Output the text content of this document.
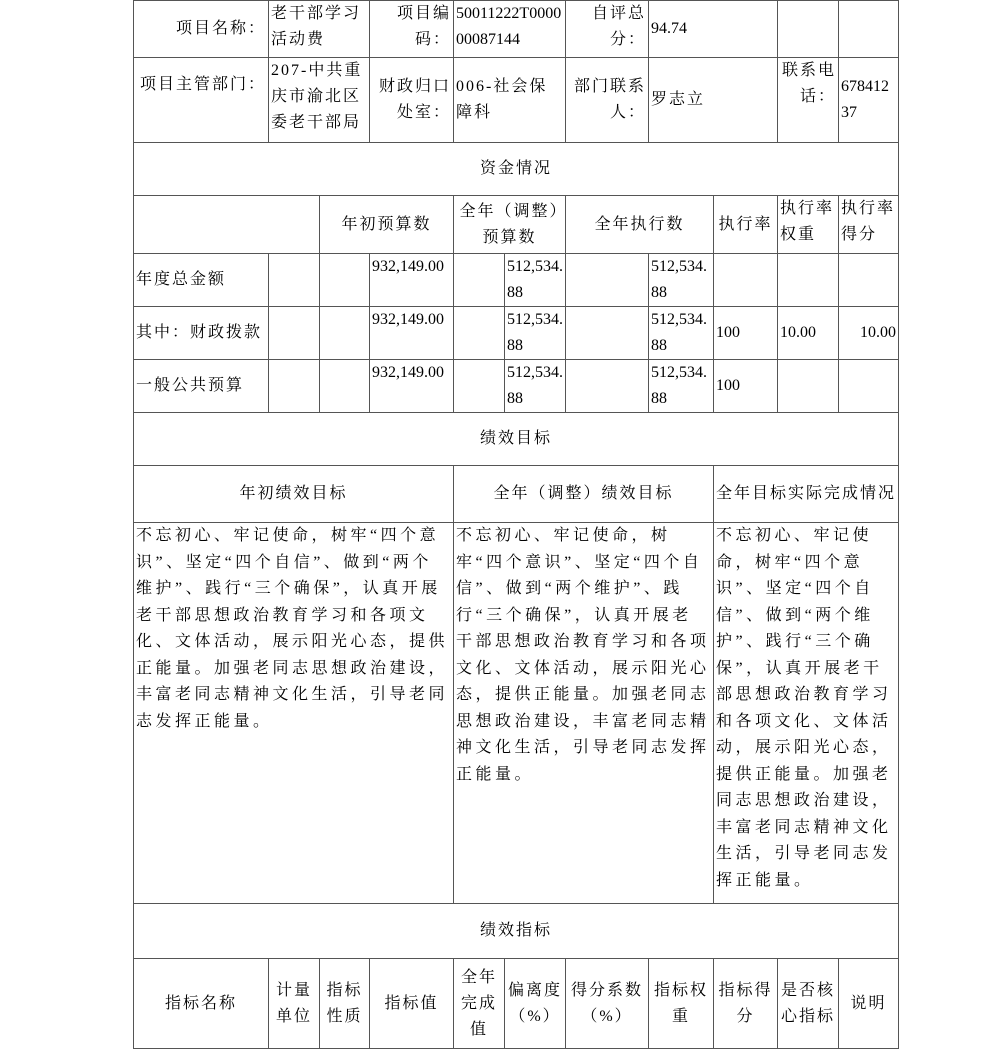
项目名称：	老干部学习活动费		项目编码：	50011222T000000087144		自评总分：	94.74			
项目主管部门：	207-中共重庆市渝北区委老干部局		财政归口处室：	006-社会保障科		部门联系人：	罗志立		联系电话：	67841237
资金情况										
		年初预算数		全年（调整）预算数		全年执行数		执行率	执行率权重	执行率得分
年度总金额			932,149.00		512,534.88		512,534.88			
其中：财政拨款			932,149.00		512,534.88		512,534.88	100	10.00	10.00
一般公共预算			932,149.00		512,534.88		512,534.88	100		
绩效目标										
年初绩效目标				全年（调整）绩效目标				全年目标实际完成情况		
不忘初心、牢记使命，树牢“四个意识”、坚定“四个自信”、做到“两个维护”、践行“三个确保”，认真开展老干部思想政治教育学习和各项文化、文体活动，展示阳光心态，提供正能量。加强老同志思想政治建设，丰富老同志精神文化生活，引导老同志发挥正能量。				不忘初心、牢记使命，树牢“四个意识”、坚定“四个自信”、做到“两个维护”、践行“三个确保”，认真开展老干部思想政治教育学习和各项文化、文体活动，展示阳光心态，提供正能量。加强老同志思想政治建设，丰富老同志精神文化生活，引导老同志发挥正能量。				不忘初心、牢记使命，树牢“四个意识”、坚定“四个自信”、做到“两个维护”、践行“三个确保”，认真开展老干部思想政治教育学习和各项文化、文体活动，展示阳光心态，提供正能量。加强老同志思想政治建设，丰富老同志精神文化生活，引导老同志发挥正能量。		
绩效指标										
指标名称	计量单位	指标性质	指标值	全年完成值	偏离度（%）	得分系数（%）	指标权重	指标得分	是否核心指标	说明
